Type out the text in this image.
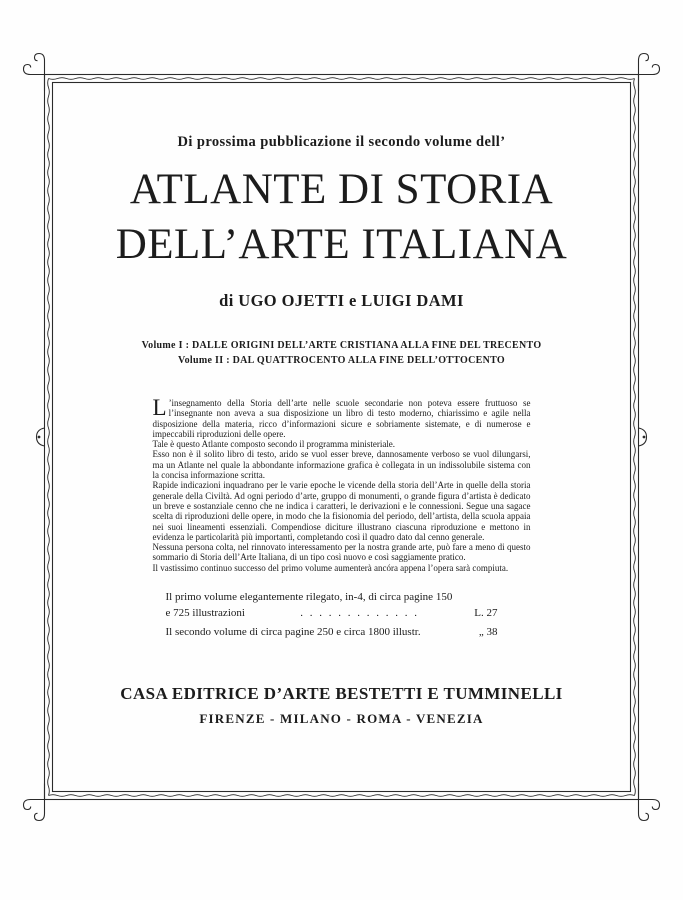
Di prossima pubblicazione il secondo volume dell’
ATLANTE DI STORIA
DELL’ARTE ITALIANA
di UGO OJETTI e LUIGI DAMI
Volume I : DALLE ORIGINI DELL’ARTE CRISTIANA ALLA FINE DEL TRECENTO
Volume II : DAL QUATTROCENTO ALLA FINE DELL’OTTOCENTO

L ’insegnamento della Storia dell’arte nelle scuole secondarie non poteva essere fruttuoso se l’insegnante non aveva a sua disposizione un libro di testo moderno, chiarissimo e agile nella disposizione della materia, ricco d’informazioni sicure e sobriamente sistemate, e di numerose e impeccabili riproduzioni delle opere.

Tale è questo Atlante composto secondo il programma ministeriale.

Esso non è il solito libro di testo, arido se vuol esser breve, dannosamente verboso se vuol dilungarsi, ma un Atlante nel quale la abbondante informazione grafica è collegata in un indissolubile sistema con la concisa informazione scritta.

Rapide indicazioni inquadrano per le varie epoche le vicende della storia dell’Arte in quelle della storia generale della Civiltà. Ad ogni periodo d’arte, gruppo di monumenti, o grande figura d’artista è dedicato un breve e sostanziale cenno che ne indica i caratteri, le derivazioni e le connessioni. Segue una sagace scelta di riproduzioni delle opere, in modo che la fisionomia del periodo, dell’artista, della scuola appaia nei suoi lineamenti essenziali. Compendiose diciture illustrano ciascuna riproduzione e mettono in evidenza le particolarità più importanti, completando così il quadro dato dal cenno generale.

Nessuna persona colta, nel rinnovato interessamento per la nostra grande arte, può fare a meno di questo sommario di Storia dell’Arte Italiana, di un tipo così nuovo e così saggiamente pratico.

Il vastissimo continuo successo del primo volume aumenterà ancóra appena l’opera sarà compiuta.

Il primo volume elegantemente rilegato, in-4, di circa pagine 150
e 725 illustrazioni	. . . . . . . . . . . . .	L. 27
Il secondo volume di circa pagine 250 e circa 1800 illustr.	„ 38
CASA EDITRICE D’ARTE BESTETTI E TUMMINELLI
FIRENZE - MILANO - ROMA - VENEZIA
